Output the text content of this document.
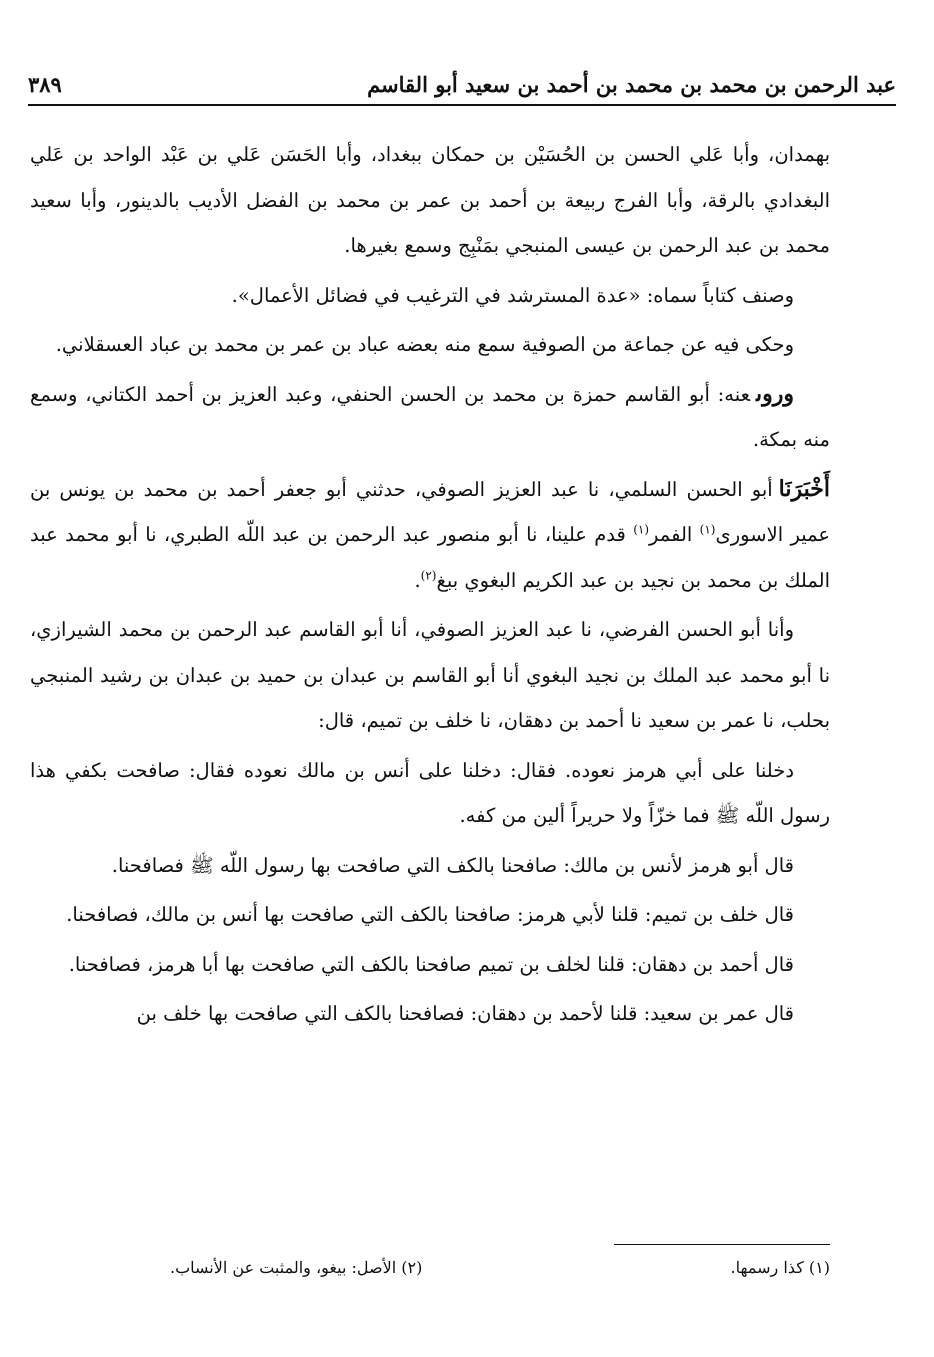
عبد الرحمن بن محمد بن محمد بن أحمد بن سعيد أبو القاسم
٣٨٩

بهمدان، وأبا عَلي الحسن بن الحُسَيْن بن حمكان ببغداد، وأبا الحَسَن عَلي بن عَبْد الواحد بن عَلي البغدادي بالرقة، وأبا الفرج ربيعة بن أحمد بن عمر بن محمد بن الفضل الأديب بالدينور، وأبا سعيد محمد بن عبد الرحمن بن عيسى المنبجي بمَنْبِج وسمع بغيرها.

وصنف كتاباً سماه: «عدة المسترشد في الترغيب في فضائل الأعمال».

وحكى فيه عن جماعة من الصوفية سمع منه بعضه عباد بن عمر بن محمد بن عباد العسقلاني.

وروىعنه: أبو القاسم حمزة بن محمد بن الحسن الحنفي، وعبد العزيز بن أحمد الكتاني، وسمع منه بمكة.

أَخْبَرَنَاأبو الحسن السلمي، نا عبد العزيز الصوفي، حدثني أبو جعفر أحمد بن محمد بن يونس بن عمير الاسورى$^{(١)}$ الفمر$^{(١)}$ قدم علينا، نا أبو منصور عبد الرحمن بن عبد اللّه الطبري، نا أبو محمد عبد الملك بن محمد بن نجيد بن عبد الكريم البغوي ببغ$^{(٢)}$.

وأنا أبو الحسن الفرضي، نا عبد العزيز الصوفي، أنا أبو القاسم عبد الرحمن بن محمد الشيرازي، نا أبو محمد عبد الملك بن نجيد البغوي أنا أبو القاسم بن عبدان بن حميد بن عبدان بن رشيد المنبجي بحلب، نا عمر بن سعيد نا أحمد بن دهقان، نا خلف بن تميم، قال:

دخلنا على أبي هرمز نعوده. فقال: دخلنا على أنس بن مالك نعوده فقال: صافحت بكفي هذا رسول اللّه ﷺ فما خزّاً ولا حريراً ألين من كفه.

قال أبو هرمز لأنس بن مالك: صافحنا بالكف التي صافحت بها رسول اللّه ﷺ فصافحنا.

قال خلف بن تميم: قلنا لأبي هرمز: صافحنا بالكف التي صافحت بها أنس بن مالك، فصافحنا.

قال أحمد بن دهقان: قلنا لخلف بن تميم صافحنا بالكف التي صافحت بها أبا هرمز، فصافحنا.

قال عمر بن سعيد: قلنا لأحمد بن دهقان: فصافحنا بالكف التي صافحت بها خلف بن

(١) كذا رسمها.
(٢) الأصل: بيغو، والمثبت عن الأنساب.
